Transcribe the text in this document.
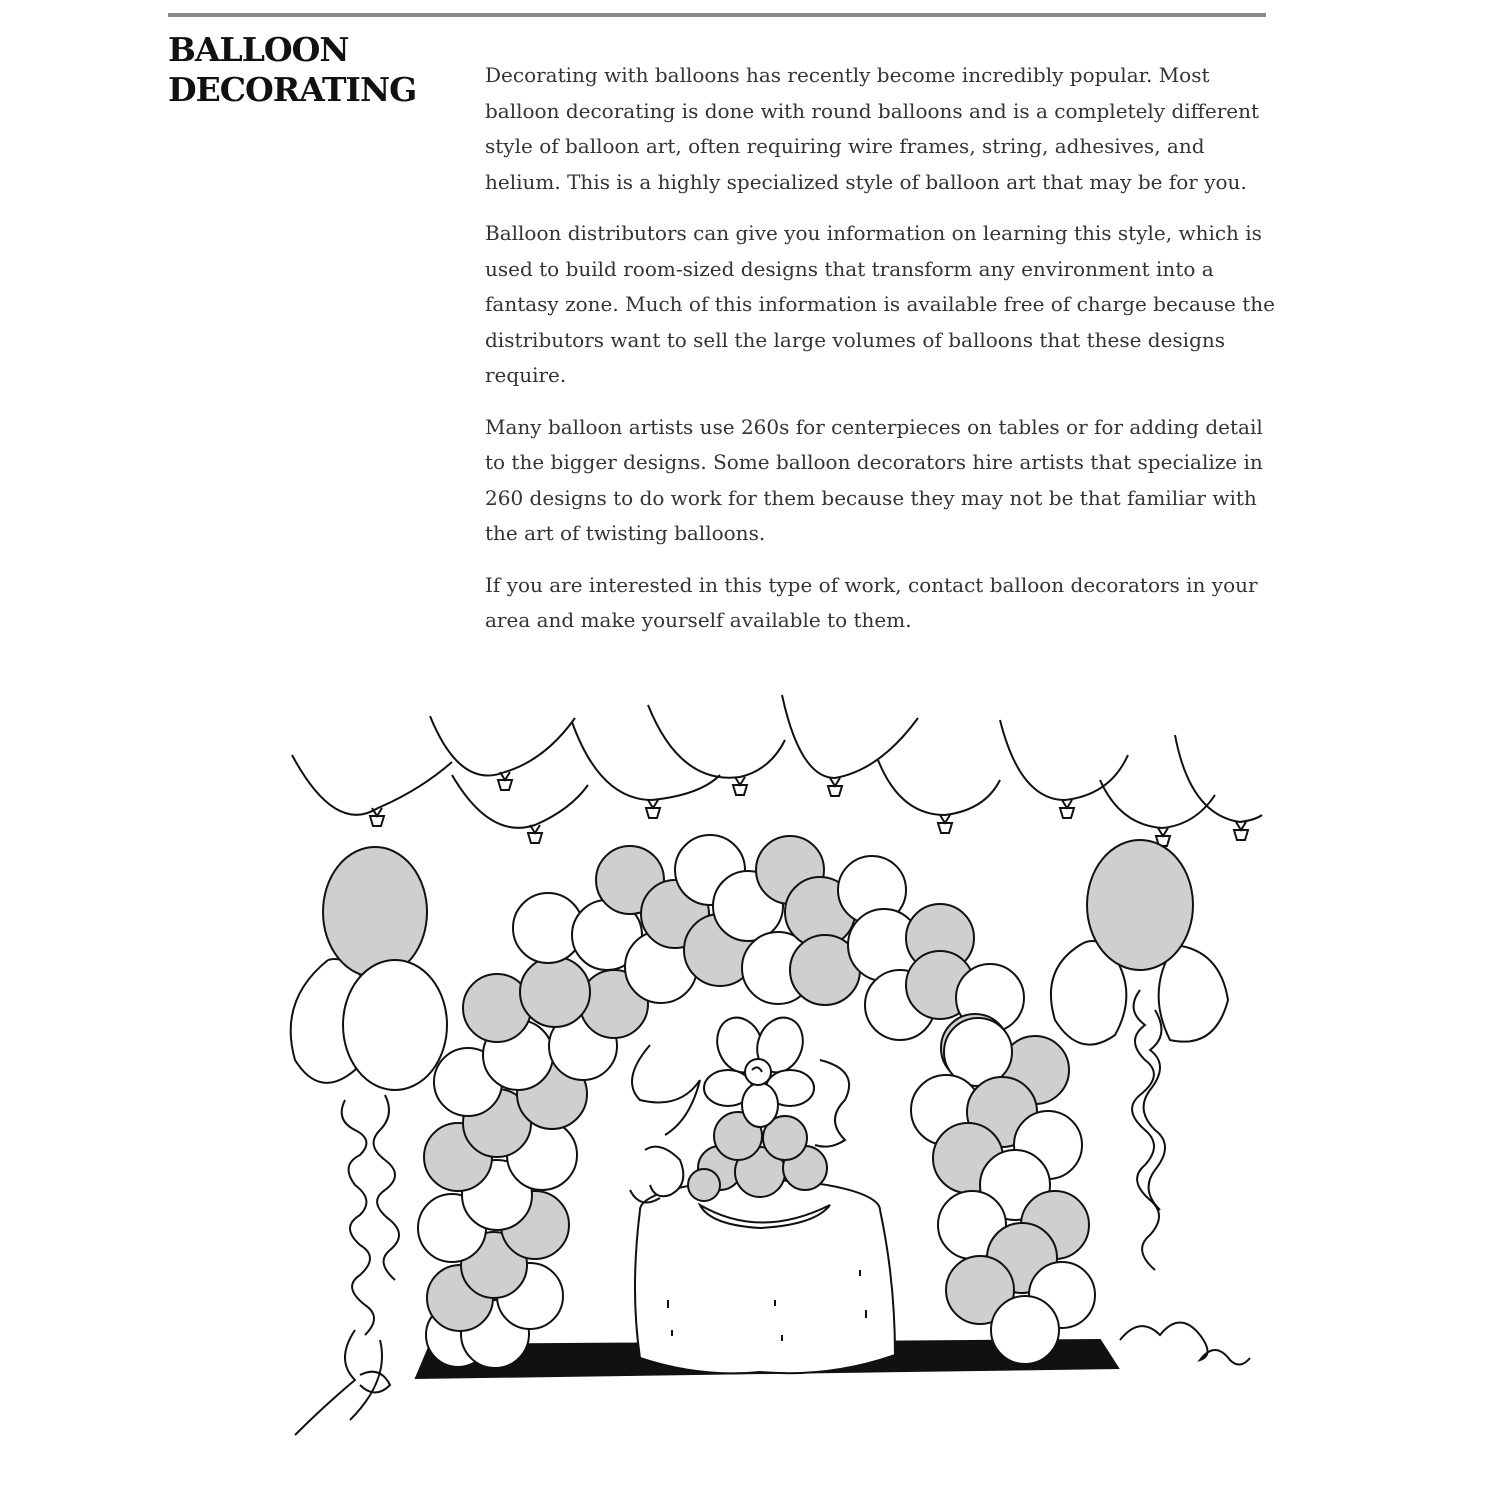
BALLOON DECORATING	Decorating with balloons has recently become incredibly popular. Most balloon decorating is done with round balloons and is a completely different style of balloon art, often requiring wire frames, string, adhesives, and helium. This is a highly specialized style of balloon art that may be for you.

Balloon distributors can give you information on learning this style, which is used to build room-sized designs that transform any environment into a fantasy zone. Much of this information is available free of charge because the distributors want to sell the large volumes of balloons that these designs require.

Many balloon artists use 260s for centerpieces on tables or for adding detail to the bigger designs. Some balloon decorators hire artists that specialize in 260 designs to do work for them because they may not be that familiar with the art of twisting balloons.

If you are interested in this type of work, contact balloon decorators in your area and make yourself available to them.
